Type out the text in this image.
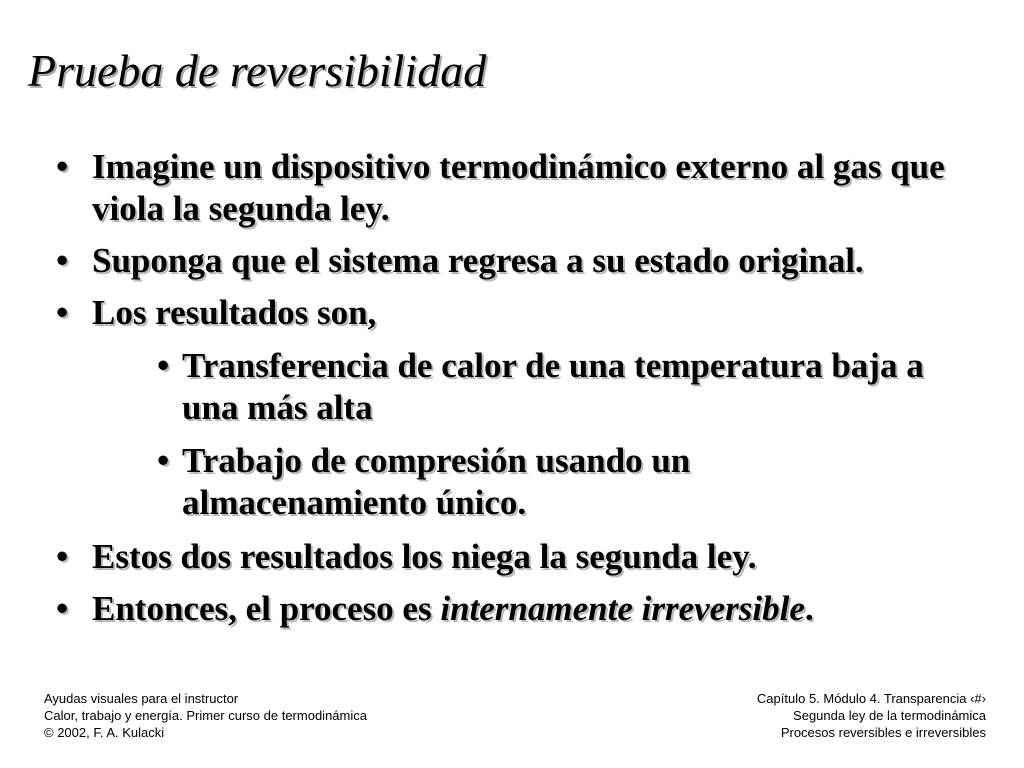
Prueba de reversibilidad
• Imagine un dispositivo termodinámico externo al gas que viola la segunda ley.
• Suponga que el sistema regresa a su estado original.
• Los resultados son,
• Transferencia de calor de una temperatura baja a una más alta
• Trabajo de compresión usando un almacenamiento único.
• Estos dos resultados los niega la segunda ley.
• Entonces, el proceso es internamente irreversible.
Ayudas visuales para el instructor
Calor, trabajo y energía. Primer curso de termodinámica
© 2002, F. A. Kulacki
Capítulo 5. Módulo 4. Transparencia ‹#›
Segunda ley de la termodinámica
Procesos reversibles e irreversibles
